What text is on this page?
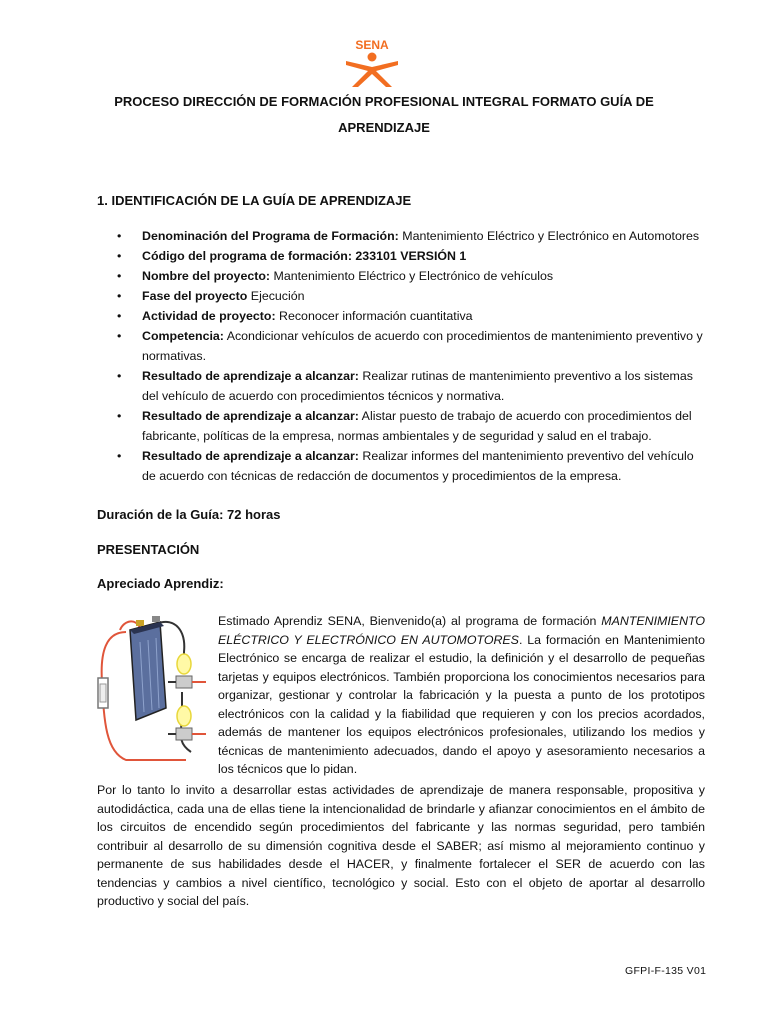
SENA
PROCESO DIRECCIÓN DE FORMACIÓN PROFESIONAL INTEGRAL FORMATO GUÍA DE
APRENDIZAJE
1. IDENTIFICACIÓN DE LA GUÍA DE APRENDIZAJE
• Denominación del Programa de Formación: Mantenimiento Eléctrico y Electrónico en Automotores
• Código del programa de formación: 233101 VERSIÓN 1
• Nombre del proyecto: Mantenimiento Eléctrico y Electrónico de vehículos
• Fase del proyecto Ejecución
• Actividad de proyecto: Reconocer información cuantitativa
• Competencia: Acondicionar vehículos de acuerdo con procedimientos de mantenimiento preventivo y normativas.
• Resultado de aprendizaje a alcanzar: Realizar rutinas de mantenimiento preventivo a los sistemas del vehículo de acuerdo con procedimientos técnicos y normativa.
• Resultado de aprendizaje a alcanzar: Alistar puesto de trabajo de acuerdo con procedimientos del fabricante, políticas de la empresa, normas ambientales y de seguridad y salud en el trabajo.
• Resultado de aprendizaje a alcanzar: Realizar informes del mantenimiento preventivo del vehículo de acuerdo con técnicas de redacción de documentos y procedimientos de la empresa.
Duración de la Guía: 72 horas
PRESENTACIÓN
Apreciado Aprendiz:

Estimado Aprendiz SENA, Bienvenido(a) al programa de formación MANTENIMIENTO ELÉCTRICO Y ELECTRÓNICO EN AUTOMOTORES. La formación en Mantenimiento Electrónico se encarga de realizar el estudio, la definición y el desarrollo de pequeñas tarjetas y equipos electrónicos. También proporciona los conocimientos necesarios para organizar, gestionar y controlar la fabricación y la puesta a punto de los prototipos electrónicos con la calidad y la fiabilidad que requieren y con los precios acordados, además de mantener los equipos electrónicos profesionales, utilizando los medios y técnicas de mantenimiento adecuados, dando el apoyo y asesoramiento necesarios a los técnicos que lo pidan.

Por lo tanto lo invito a desarrollar estas actividades de aprendizaje de manera responsable, propositiva y autodidáctica, cada una de ellas tiene la intencionalidad de brindarle y afianzar conocimientos en el ámbito de los circuitos de encendido según procedimientos del fabricante y las normas seguridad, pero también contribuir al desarrollo de su dimensión cognitiva desde el SABER; así mismo al mejoramiento continuo y permanente de sus habilidades desde el HACER, y finalmente fortalecer el SER de acuerdo con las tendencias y cambios a nivel científico, tecnológico y social. Esto con el objeto de aportar al desarrollo productivo y social del país.

GFPI-F-135 V01
